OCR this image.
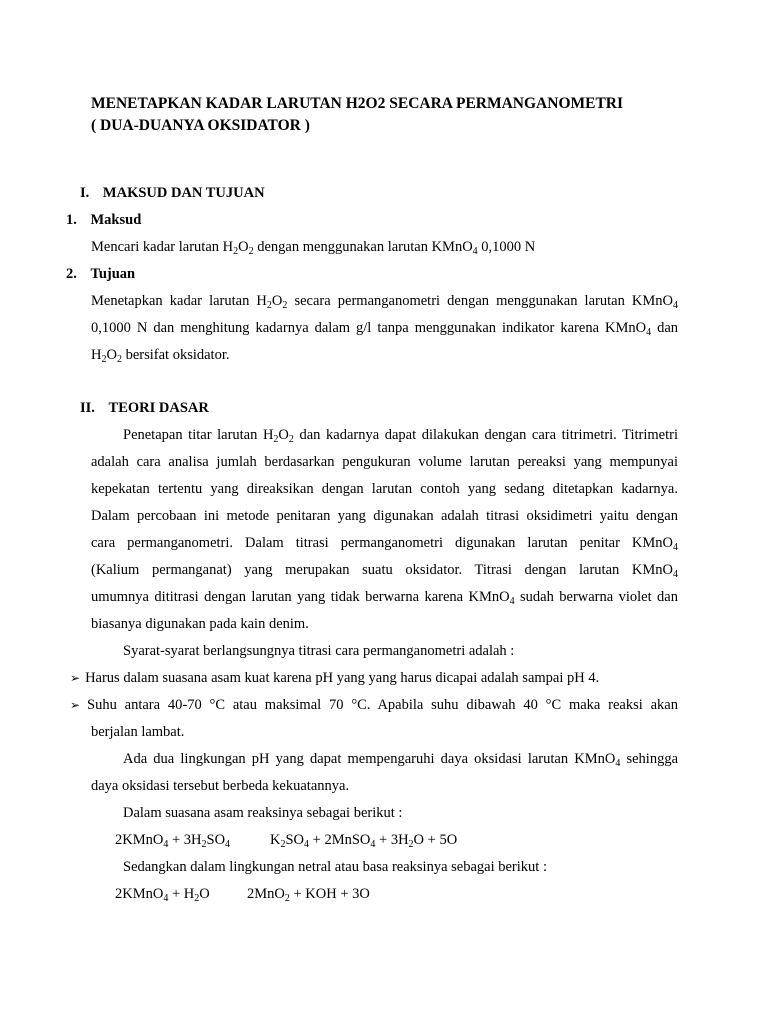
MENETAPKAN KADAR LARUTAN H2O2 SECARA PERMANGANOMETRI

( DUA-DUANYA OKSIDATOR )

I. MAKSUD DAN TUJUAN

1. Maksud

Mencari kadar larutan $H_2O_2$ dengan menggunakan larutan KMnO$_4$ 0,1000 N

2. Tujuan

Menetapkan kadar larutan $H_2O_2$ secara permanganometri dengan menggunakan larutan KMnO$_4$

0,1000 N dan menghitung kadarnya dalam g/l tanpa menggunakan indikator karena KMnO$_4$ dan

$H_2O_2$ bersifat oksidator.

II. TEORI DASAR

Penetapan titar larutan $H_2O_2$ dan kadarnya dapat dilakukan dengan cara titrimetri. Titrimetri

adalah cara analisa jumlah berdasarkan pengukuran volume larutan pereaksi yang mempunyai

kepekatan tertentu yang direaksikan dengan larutan contoh yang sedang ditetapkan kadarnya.

Dalam percobaan ini metode penitaran yang digunakan adalah titrasi oksidimetri yaitu dengan

cara permanganometri. Dalam titrasi permanganometri digunakan larutan penitar KMnO$_4$

(Kalium permanganat) yang merupakan suatu oksidator. Titrasi dengan larutan KMnO$_4$

umumnya dititrasi dengan larutan yang tidak berwarna karena KMnO$_4$ sudah berwarna violet dan

biasanya digunakan pada kain denim.

Syarat-syarat berlangsungnya titrasi cara permanganometri adalah :

➢ Harus dalam suasana asam kuat karena pH yang yang harus dicapai adalah sampai pH 4.

➢ Suhu antara 40-70 °C atau maksimal 70 °C. Apabila suhu dibawah 40 °C maka reaksi akan

berjalan lambat.

Ada dua lingkungan pH yang dapat mempengaruhi daya oksidasi larutan KMnO$_4$ sehingga

daya oksidasi tersebut berbeda kekuatannya.

Dalam suasana asam reaksinya sebagai berikut :

2KMnO$_4$ + $3H_2SO_4$	$K_2SO_4$ + 2MnSO$_4$ + $3H_2O + 5O$

Sedangkan dalam lingkungan netral atau basa reaksinya sebagai berikut :

2KMnO$_4$ + $H_2O$	2MnO$_2$ + KOH + 3O
